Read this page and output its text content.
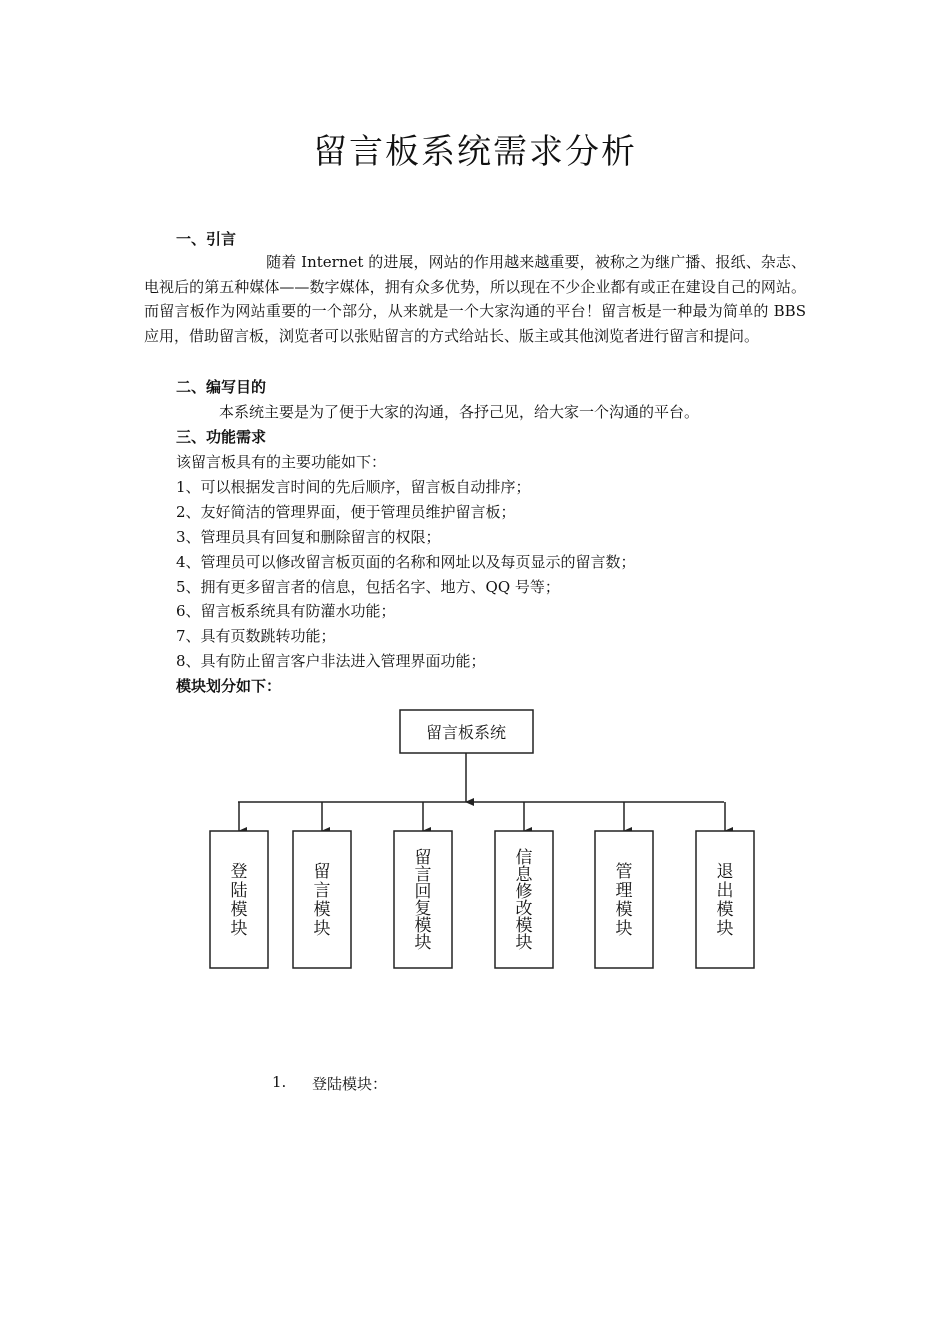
留言板系统需求分析
一、引言

随着 Internet 的进展，网站的作用越来越重要，被称之为继广播、报纸、杂志、电视后的第五种媒体——数字媒体，拥有众多优势，所以现在不少企业都有或正在建设自己的网站。而留言板作为网站重要的一个部分，从来就是一个大家沟通的平台！留言板是一种最为简单的 BBS 应用，借助留言板，浏览者可以张贴留言的方式给站长、版主或其他浏览者进行留言和提问。

二、编写目的
本系统主要是为了便于大家的沟通，各抒己见，给大家一个沟通的平台。
三、功能需求
该留言板具有的主要功能如下：
1、可以根据发言时间的先后顺序，留言板自动排序；
2、友好简洁的管理界面，便于管理员维护留言板；
3、管理员具有回复和删除留言的权限；
4、管理员可以修改留言板页面的名称和网址以及每页显示的留言数；
5、拥有更多留言者的信息，包括名字、地方、QQ 号等；
6、留言板系统具有防灌水功能；
7、具有页数跳转功能；
8、具有防止留言客户非法进入管理界面功能；
模块划分如下：
留言板系统
登陆模块
留言模块
留言回复模块
信息修改模块
管理模块
退出模块
1. 登陆模块：
